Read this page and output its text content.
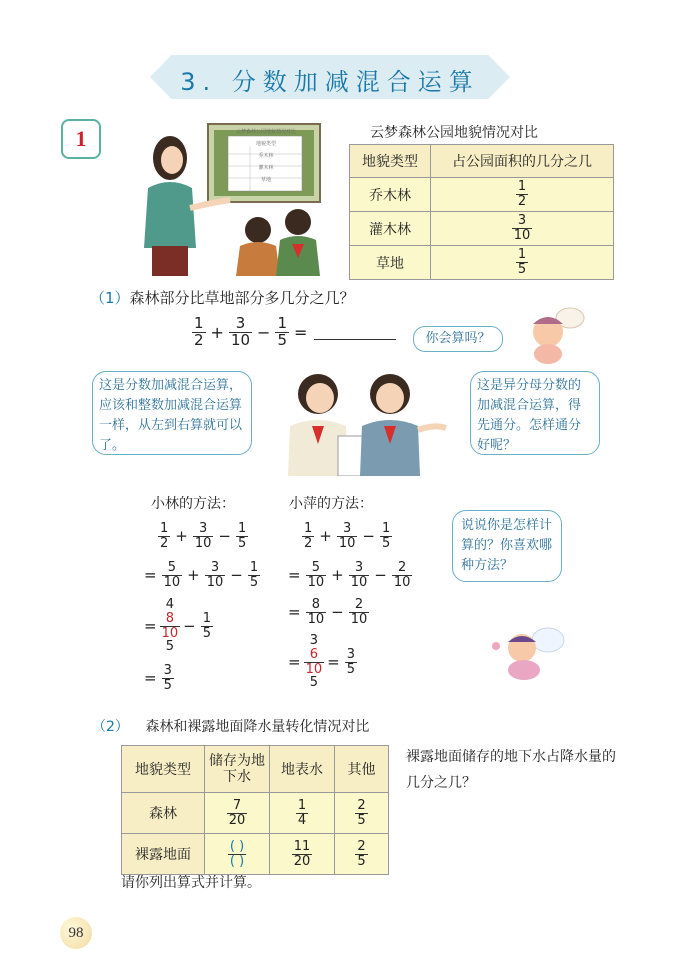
3. 分数加减混合运算
1	云梦森林公园地貌情况对比
地貌类型
乔木林
灌木林
草地
云梦森林公园地貌情况对比
地貌类型	占公园面积的几分之几
乔木林	$\frac{1}{2}$

灌木林	$\frac{3}{10}$

草地	$\frac{1}{5}$
（1）森林部分比草地部分多几分之几？
$\frac{1}{2} + \frac{3}{10} - \frac{1}{5}$ =	你会算吗？
这是分数加减混合运算，应该和整数加减混合运算一样，从左到右算就可以了。
这是异分母分数的加减混合运算，得先通分。怎样通分好呢？
小林的方法：	小萍的方法：
$\frac{1}{2} + \frac{3}{10} - \frac{1}{5}$
= $\frac{5}{10} + \frac{3}{10} - \frac{1}{5}$
=
4
$\frac{8}{10}$
5
− $\frac{1}{5}$
= $\frac{3}{5}$
$\frac{1}{2} + \frac{3}{10} - \frac{1}{5}$
= $\frac{5}{10} + \frac{3}{10} - \frac{2}{10}$
= $\frac{8}{10} - \frac{2}{10}$
=
3
$\frac{6}{10}$
5
= $\frac{3}{5}$
说说你是怎样计算的？你喜欢哪种方法？
（2） 森林和裸露地面降水量转化情况对比
地貌类型	储存为地下水	地表水	其他
森林	$\frac{7}{20}$	$\frac{1}{4}$	$\frac{2}{5}$

裸露地面	$\frac{( )}{( )}$	$\frac{11}{20}$	$\frac{2}{5}$
裸露地面储存的地下水占降水量的几分之几？
请你列出算式并计算。
98
